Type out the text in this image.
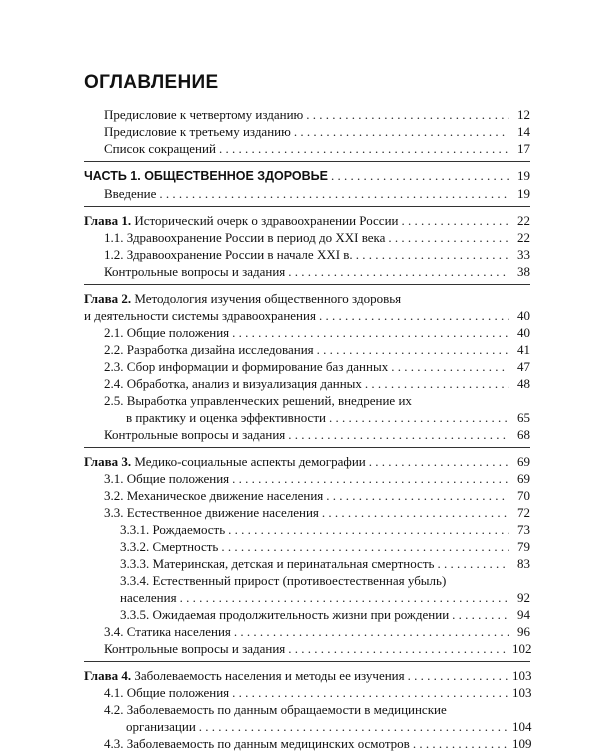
ОГЛАВЛЕНИЕ
Предисловие к четвертому изданию . . .	12
Предисловие к третьему изданию . . .	14
Список сокращений . . .	17
ЧАСТЬ 1. ОБЩЕСТВЕННОЕ ЗДОРОВЬЕ . . .	19
Введение . . .	19
Глава 1. Исторический очерк о здравоохранении России . . .	22
1.1. Здравоохранение России в период до XXI века . . .	22
1.2. Здравоохранение России в начале XXI в. . . .	33
Контрольные вопросы и задания . . .	38
Глава 2. Методология изучения общественного здоровья
и деятельности системы здравоохранения . . .	40
2.1. Общие положения . . .	40
2.2. Разработка дизайна исследования . . .	41
2.3. Сбор информации и формирование баз данных . . .	47
2.4. Обработка, анализ и визуализация данных . . .	48
2.5. Выработка управленческих решений, внедрение их
в практику и оценка эффективности . . .	65
Контрольные вопросы и задания . . .	68
Глава 3. Медико-социальные аспекты демографии . . .	69
3.1. Общие положения . . .	69
3.2. Механическое движение населения . . .	70
3.3. Естественное движение населения . . .	72
3.3.1. Рождаемость . . .	73
3.3.2. Смертность . . .	79
3.3.3. Материнская, детская и перинатальная смертность . . .	83
3.3.4. Естественный прирост (противоестественная убыль)
населения . . .	92
3.3.5. Ожидаемая продолжительность жизни при рождении . . .	94
3.4. Статика населения . . .	96
Контрольные вопросы и задания . . .	102
Глава 4. Заболеваемость населения и методы ее изучения . . .	103
4.1. Общие положения . . .	103
4.2. Заболеваемость по данным обращаемости в медицинские
организации . . .	104
4.3. Заболеваемость по данным медицинских осмотров . . .	109
